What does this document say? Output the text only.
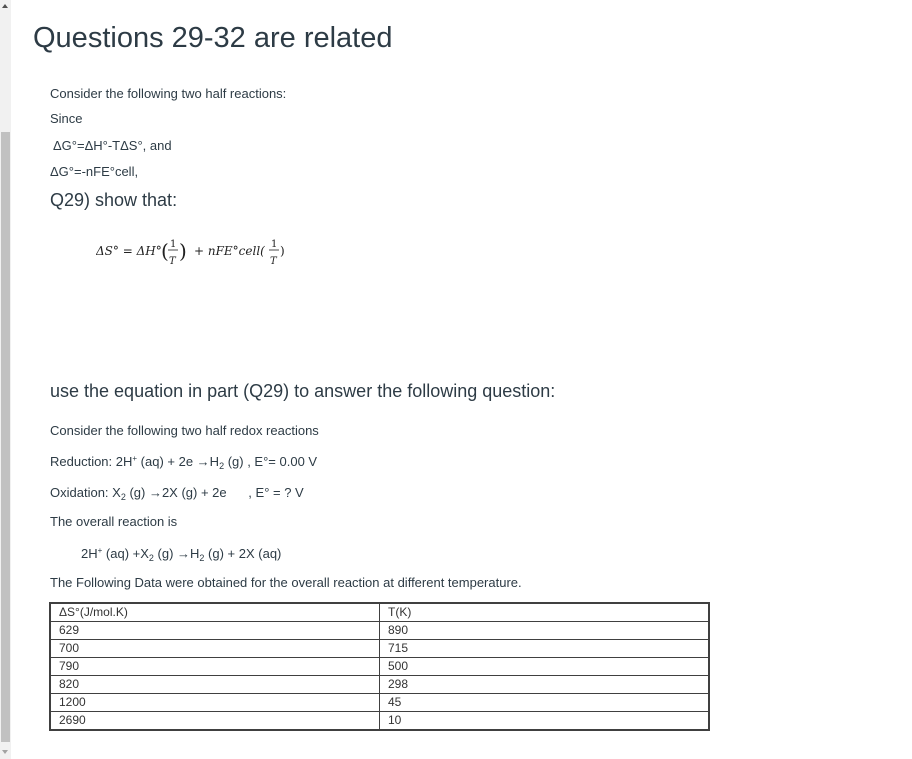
Questions 29-32 are related
Consider the following two half reactions:
Since
ΔG°=ΔH°-TΔS°, and
ΔG°=-nFE°cell,
Q29) show that:
ΔS° = ΔH° ( 1
T ) + nFE°cell( 1
T
)
use the equation in part (Q29) to answer the following question:
Consider the following two half redox reactions
Reduction: 2H+ $(aq) + 2e \to H_2$ (g) , E°= 0.00 V
Oxidation: $X_2$ (g) →2X (g) + 2e      , E° = ? V
The overall reaction is
2H+ $(aq) +X_2$ $(g) \to H_2$ (g) + 2X (aq)
The Following Data were obtained for the overall reaction at different temperature.
ΔS°(J/mol.K)	T(K)
629	890
700	715
790	500
820	298
1200	45
2690	10
